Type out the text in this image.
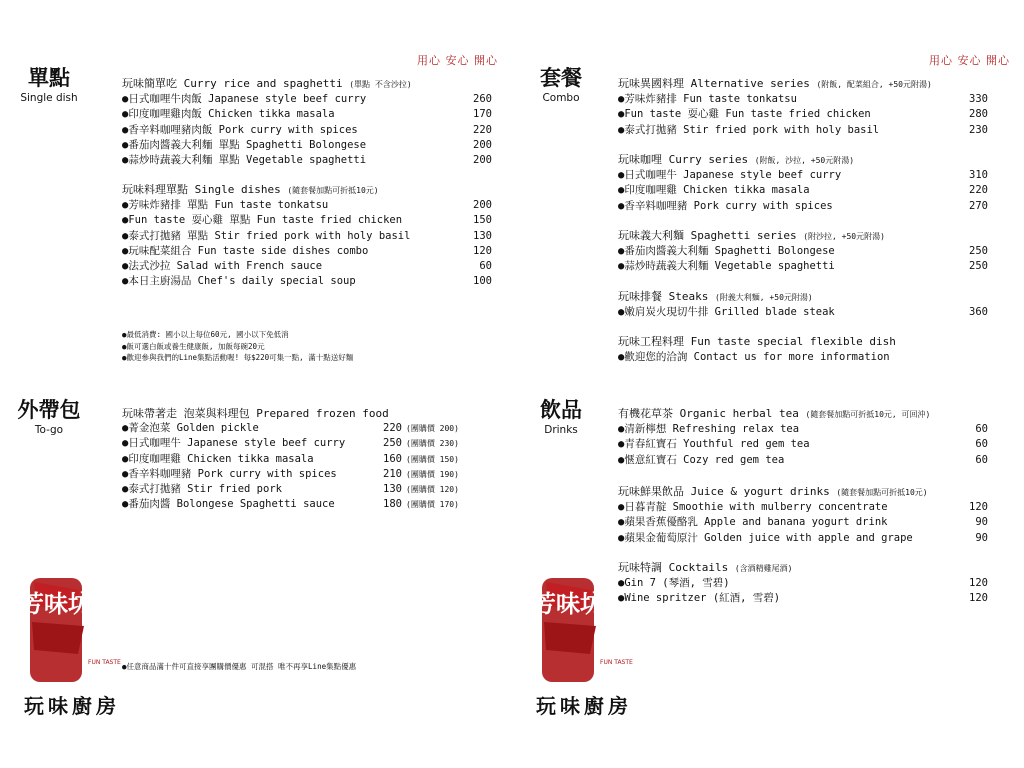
用心 安心 開心
單點
Single dish
玩味簡單吃 Curry rice and spaghetti (單點 不含沙拉)
●日式咖哩牛肉飯 Japanese style beef curry	260
●印度咖哩雞肉飯 Chicken tikka masala	170
●香辛料咖哩豬肉飯 Pork curry with spices	220
●番茄肉醬義大利麵 單點 Spaghetti Bolongese	200
●蒜炒時蔬義大利麵 單點 Vegetable spaghetti	200
玩味料理單點 Single dishes (隨套餐加點可折抵10元)
●芳味炸豬排 單點 Fun taste tonkatsu	200
●Fun taste 耍心雞 單點 Fun taste fried chicken	150
●泰式打拋豬 單點 Stir fried pork with holy basil	130
●玩味配菜組合 Fun taste side dishes combo	120
●法式沙拉 Salad with French sauce	60
●本日主廚湯品 Chef's daily special soup	100
●最低消費: 國小以上每位60元, 國小以下免低消
●飯可選白飯或養生健康飯, 加飯每碗20元
●歡迎參與我們的Line集點活動喔! 每$220可集一點, 滿十點送好麵
外帶包
To-go
玩味帶著走 泡菜與料理包 Prepared frozen food
●菁金泡菜 Golden pickle	220 (團購價 200)
●日式咖哩牛 Japanese style beef curry	250 (團購價 230)
●印度咖哩雞 Chicken tikka masala	160 (團購價 150)
●香辛料咖哩豬 Pork curry with spices	210 (團購價 190)
●泰式打拋豬 Stir fried pork	130 (團購價 120)
●番茄肉醬 Bolongese Spaghetti sauce	180 (團購價 170)
芳味坊
FUN TASTE
玩味廚房
●任意商品滿十件可直接享團購價優惠 可混搭 唯不再享Line集點優惠
用心 安心 開心
套餐
Combo
飲品
Drinks
芳味坊
FUN TASTE
玩味廚房
玩味異國料理 Alternative series (附飯, 配菜組合, +50元附湯)
●芳味炸豬排 Fun taste tonkatsu	330
●Fun taste 耍心雞 Fun taste fried chicken	280
●泰式打拋豬 Stir fried pork with holy basil	230
玩味咖哩 Curry series (附飯, 沙拉, +50元附湯)
●日式咖哩牛 Japanese style beef curry	310
●印度咖哩雞 Chicken tikka masala	220
●香辛料咖哩豬 Pork curry with spices	270
玩味義大利麵 Spaghetti series (附沙拉, +50元附湯)
●番茄肉醬義大利麵 Spaghetti Bolongese	250
●蒜炒時蔬義大利麵 Vegetable spaghetti	250
玩味排餐 Steaks (附義大利麵, +50元附湯)
●嫩肩炭火現切牛排 Grilled blade steak	360
玩味工程料理 Fun taste special flexible dish
●歡迎您的洽詢 Contact us for more information
有機花草茶 Organic herbal tea (隨套餐加點可折抵10元, 可回沖)
●清新檸想 Refreshing relax tea	60
●青春紅寶石 Youthful red gem tea	60
●愜意紅寶石 Cozy red gem tea	60
玩味鮮果飲品 Juice & yogurt drinks (隨套餐加點可折抵10元)
●日暮青靛 Smoothie with mulberry concentrate	120
●蘋果香蕉優酪乳 Apple and banana yogurt drink	90
●蘋果金葡萄原汁 Golden juice with apple and grape	90
玩味特調 Cocktails (含酒精雞尾酒)
●Gin 7 (琴酒, 雪碧)	120
●Wine spritzer (紅酒, 雪碧)	120
